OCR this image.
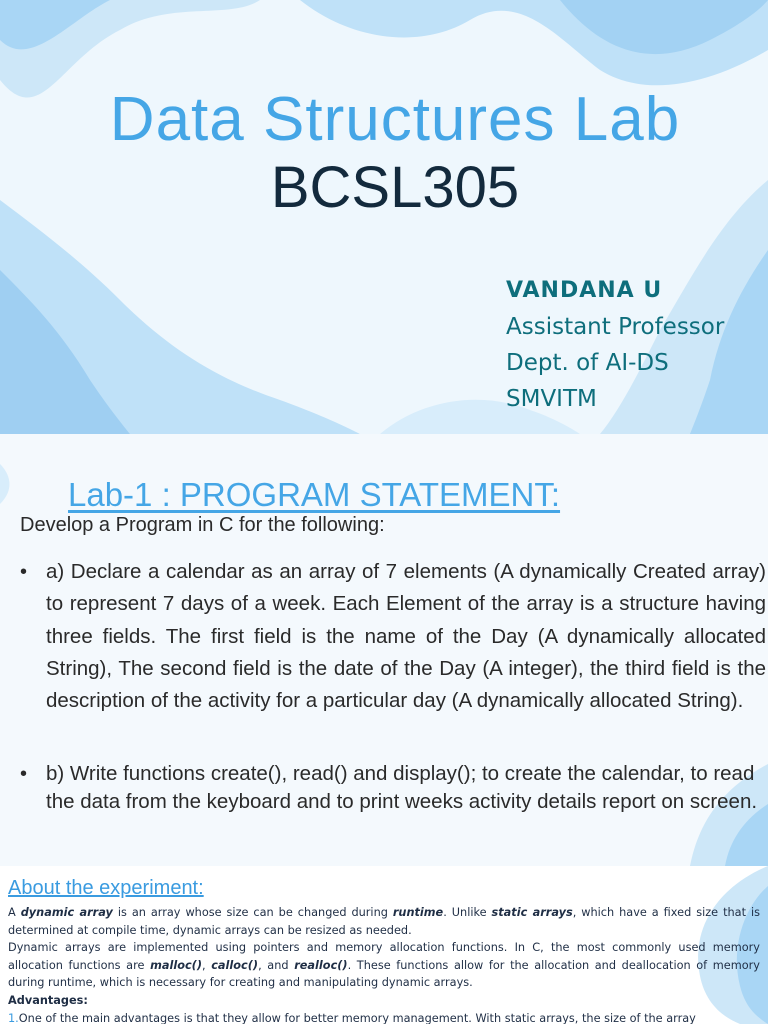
Data Structures Lab
BCSL305
VANDANA U
Assistant Professor
Dept. of AI-DS
SMVITM
Lab-1 : PROGRAM STATEMENT:

Develop a Program in C for the following:

• a) Declare a calendar as an array of 7 elements (A dynamically Created array) to represent 7 days of a week. Each Element of the array is a structure having three fields. The first field is the name of the Day (A dynamically allocated String), The second field is the date of the Day (A integer), the third field is the description of the activity for a particular day (A dynamically allocated String).
• b) Write functions create(), read() and display(); to create the calendar, to read the data from the keyboard and to print weeks activity details report on screen.
About the experiment:

A dynamic array is an array whose size can be changed during runtime. Unlike static arrays, which have a fixed size that is determined at compile time, dynamic arrays can be resized as needed.

Dynamic arrays are implemented using pointers and memory allocation functions. In C, the most commonly used memory allocation functions are malloc(), calloc(), and realloc(). These functions allow for the allocation and deallocation of memory during runtime, which is necessary for creating and manipulating dynamic arrays.

Advantages:

1.One of the main advantages is that they allow for better memory management. With static arrays, the size of the array
